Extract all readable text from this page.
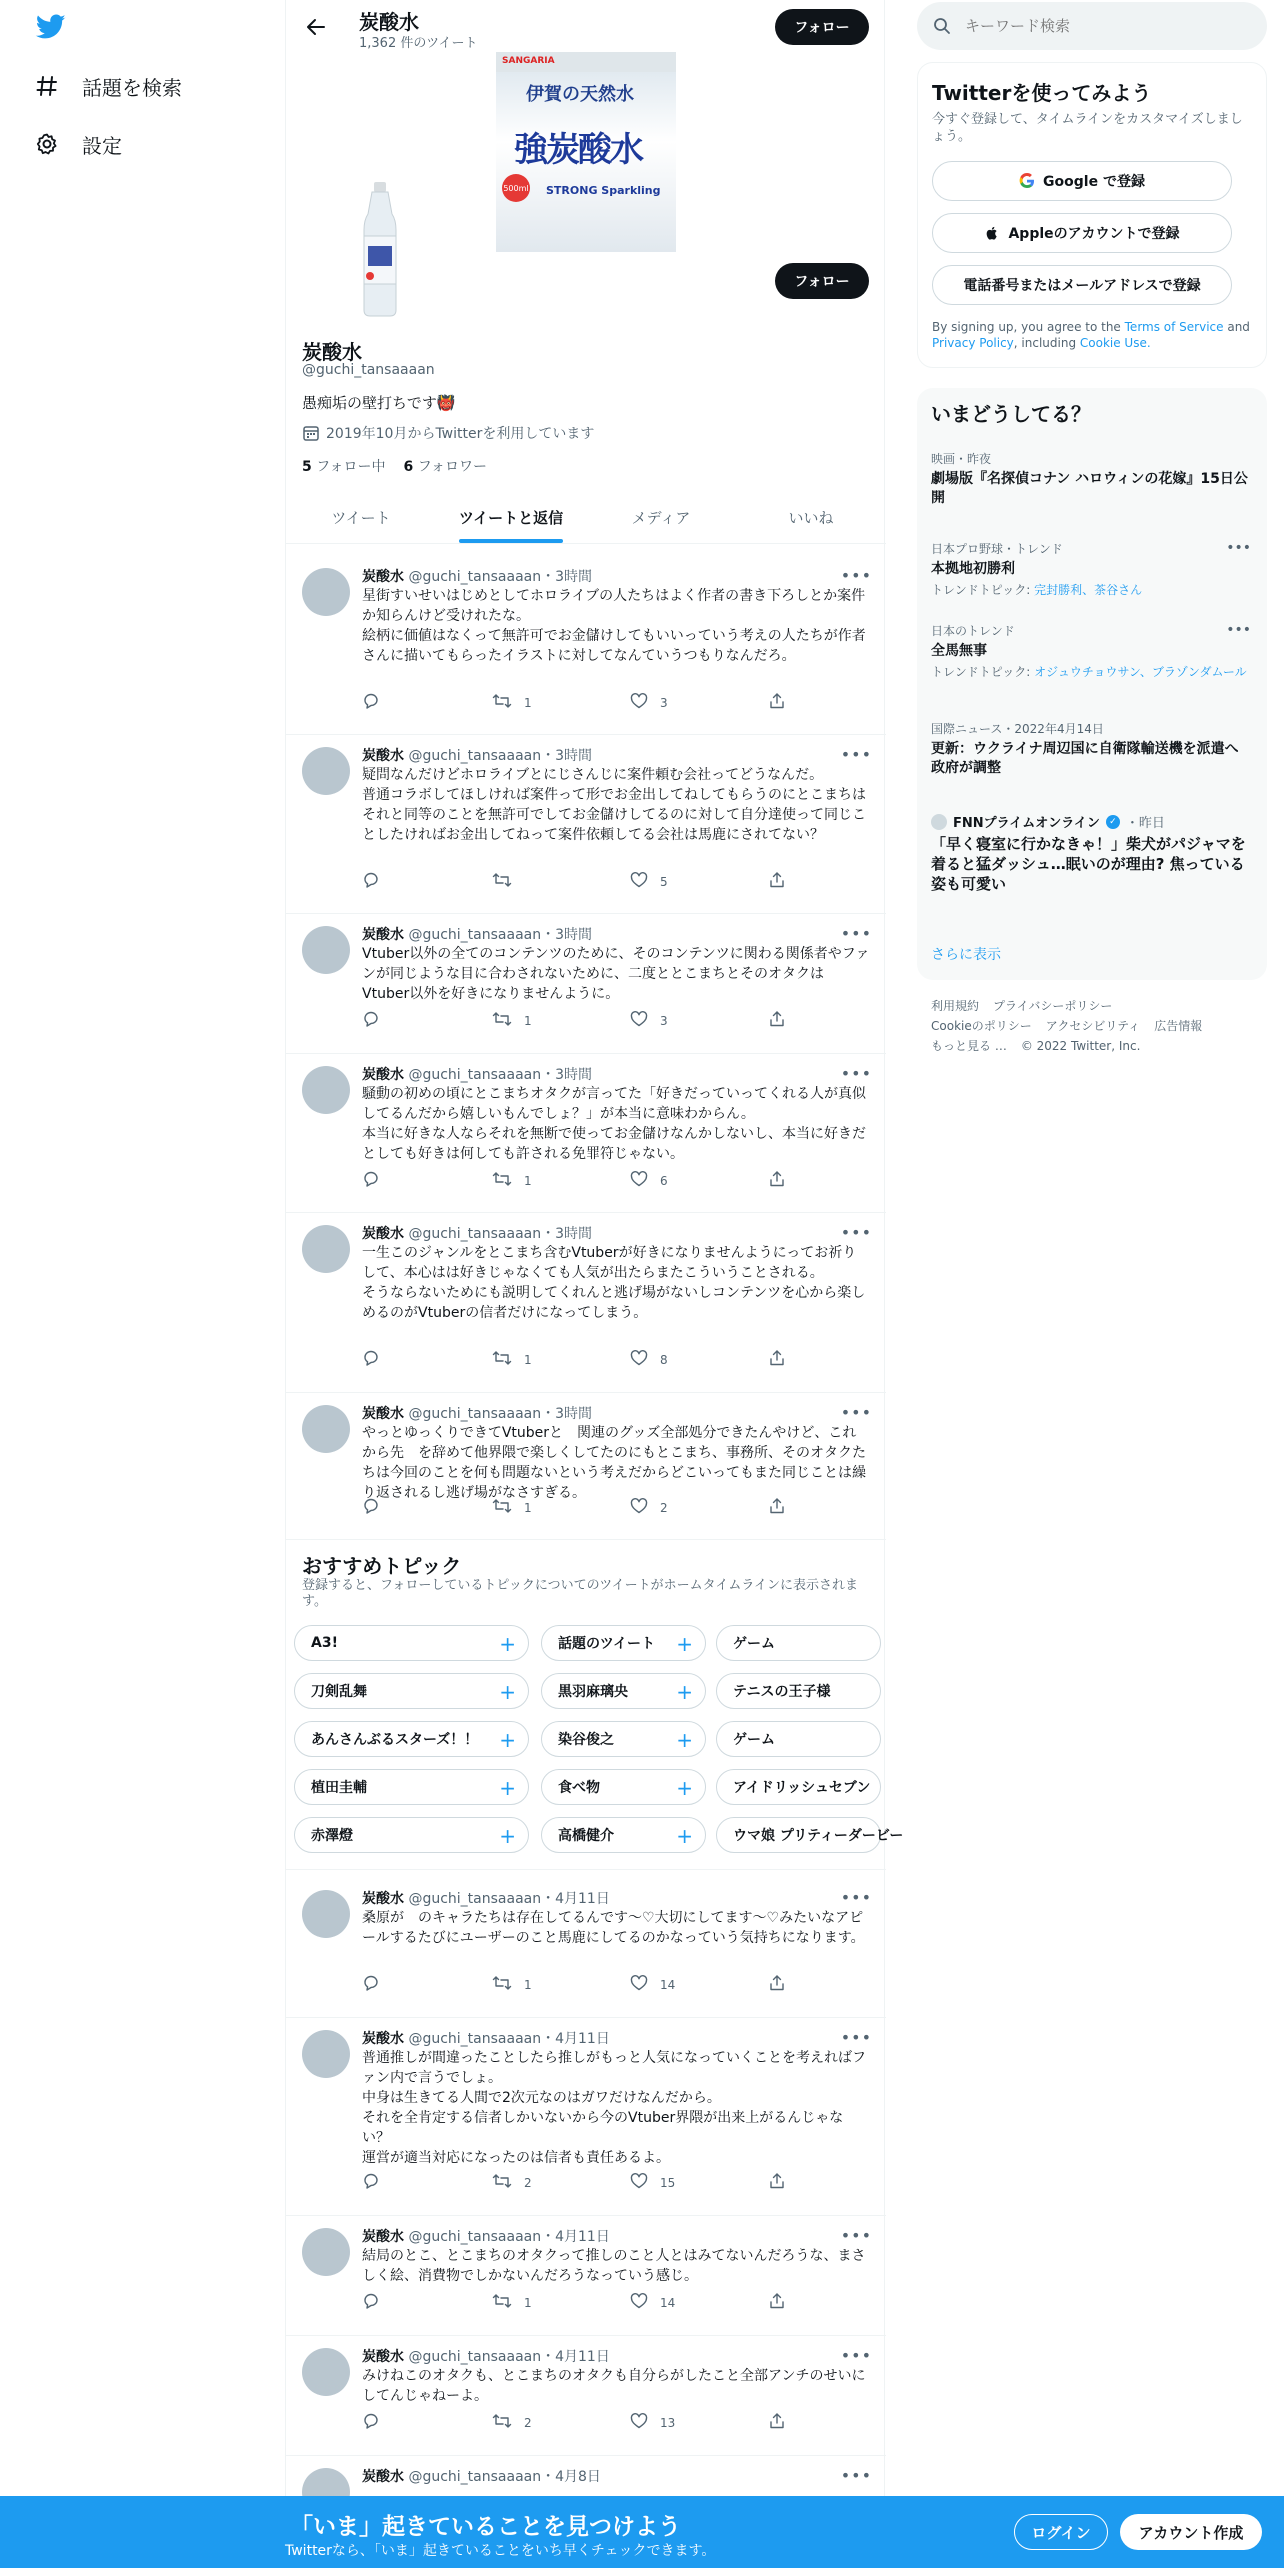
話題を検索
設定
炭酸水
1,362 件のツイート
フォロー
SANGARIA
伊賀の天然水
強炭酸水
500ml STRONG Sparkling
フォロー
炭酸水
@guchi_tansaaaan
愚痴垢の壁打ちです👹
2019年10月からTwitterを利用しています
5 フォロー中 6 フォロワー
ツイート	ツイートと返信	メディア	いいね
炭酸水 @guchi_tansaaaan・3時間	•••
星街すいせいはじめとしてホロライブの人たちはよく作者の書き下ろしとか案件か知らんけど受けれたな。
絵柄に価値はなくって無許可でお金儲けしてもいいっていう考えの人たちが作者さんに描いてもらったイラストに対してなんていうつもりなんだろ。
1	3
炭酸水 @guchi_tansaaaan・3時間	•••
疑問なんだけどホロライブとにじさんじに案件頼む会社ってどうなんだ。
普通コラボしてほしければ案件って形でお金出してねしてもらうのにとこまちはそれと同等のことを無許可でしてお金儲けしてるのに対して自分達使って同じことしたければお金出してねって案件依頼してる会社は馬鹿にされてない？
5
炭酸水 @guchi_tansaaaan・3時間	•••
Vtuber以外の全てのコンテンツのために、そのコンテンツに関わる関係者やファンが同じような目に合わされないために、二度ととこまちとそのオタクはVtuber以外を好きになりませんように。
1	3
炭酸水 @guchi_tansaaaan・3時間	•••
騒動の初めの頃にとこまちオタクが言ってた「好きだっていってくれる人が真似してるんだから嬉しいもんでしょ？」が本当に意味わからん。
本当に好きな人ならそれを無断で使ってお金儲けなんかしないし、本当に好きだとしても好きは何しても許される免罪符じゃない。
1	6
炭酸水 @guchi_tansaaaan・3時間	•••
一生このジャンルをとこまち含むVtuberが好きになりませんようにってお祈りして、本心はは好きじゃなくても人気が出たらまたこういうことされる。
そうならないためにも説明してくれんと逃げ場がないしコンテンツを心から楽しめるのがVtuberの信者だけになってしまう。
1	8
炭酸水 @guchi_tansaaaan・3時間	•••
やっとゆっくりできてVtuberと　関連のグッズ全部処分できたんやけど、これから先　を辞めて他界隈で楽しくしてたのにもとこまち、事務所、そのオタクたちは今回のことを何も問題ないという考えだからどこいってもまた同じことは繰り返されるし逃げ場がなさすぎる。
1	2
炭酸水 @guchi_tansaaaan・4月11日	•••
桑原が　のキャラたちは存在してるんです〜♡大切にしてます〜♡みたいなアピールするたびにユーザーのこと馬鹿にしてるのかなっていう気持ちになります。
1	14
炭酸水 @guchi_tansaaaan・4月11日	•••
普通推しが間違ったことしたら推しがもっと人気になっていくことを考えればファン内で言うでしょ。
中身は生きてる人間で2次元なのはガワだけなんだから。
それを全肯定する信者しかいないから今のVtuber界隈が出来上がるんじゃない？
運営が適当対応になったのは信者も責任あるよ。
2	15
炭酸水 @guchi_tansaaaan・4月11日	•••
結局のとこ、とこまちのオタクって推しのこと人とはみてないんだろうな、まさしく絵、消費物でしかないんだろうなっていう感じ。
1	14
炭酸水 @guchi_tansaaaan・4月11日	•••
みけねこのオタクも、とこまちのオタクも自分らがしたこと全部アンチのせいにしてんじゃねーよ。
2	13
炭酸水 @guchi_tansaaaan・4月8日	•••
おすすめトピック
登録すると、フォローしているトピックについてのツイートがホームタイムラインに表示されます。
A3!	+	話題のツイート +	ゲーム
刀剣乱舞	+	黒羽麻璃央 +	テニスの王子様
あんさんぶるスターズ！！ +	染谷俊之	+	ゲーム
植田圭輔	+	食べ物	+	アイドリッシュセブン
赤澤燈	+	高橋健介	+	ウマ娘 プリティーダービー
キーワード検索
Twitterを使ってみよう
今すぐ登録して、タイムラインをカスタマイズしましょう。
Google で登録
Appleのアカウントで登録
電話番号またはメールアドレスで登録
By signing up, you agree to the Terms of Service and Privacy Policy, including Cookie Use.
いまどうしてる？
映画・昨夜
劇場版『名探偵コナン ハロウィンの花嫁』15日公開
日本プロ野球・トレンド
本拠地初勝利
トレンドトピック: 完封勝利、茶谷さん
•••
日本のトレンド
全馬無事
トレンドトピック: オジュウチョウサン、ブラゾンダムール
•••
国際ニュース・2022年4月14日
更新：ウクライナ周辺国に自衛隊輸送機を派遣へ 政府が調整
FNNプライムオンライン	✓ ・昨日
「早く寝室に行かなきゃ！」柴犬がパジャマを着ると猛ダッシュ…眠いのが理由? 焦っている姿も可愛い
さらに表示
利用規約 プライバシーポリシー
Cookieのポリシー アクセシビリティ 広告情報
もっと見る … © 2022 Twitter, Inc.
「いま」起きていることを見つけよう
Twitterなら、「いま」起きていることをいち早くチェックできます。
ログイン	アカウント作成
